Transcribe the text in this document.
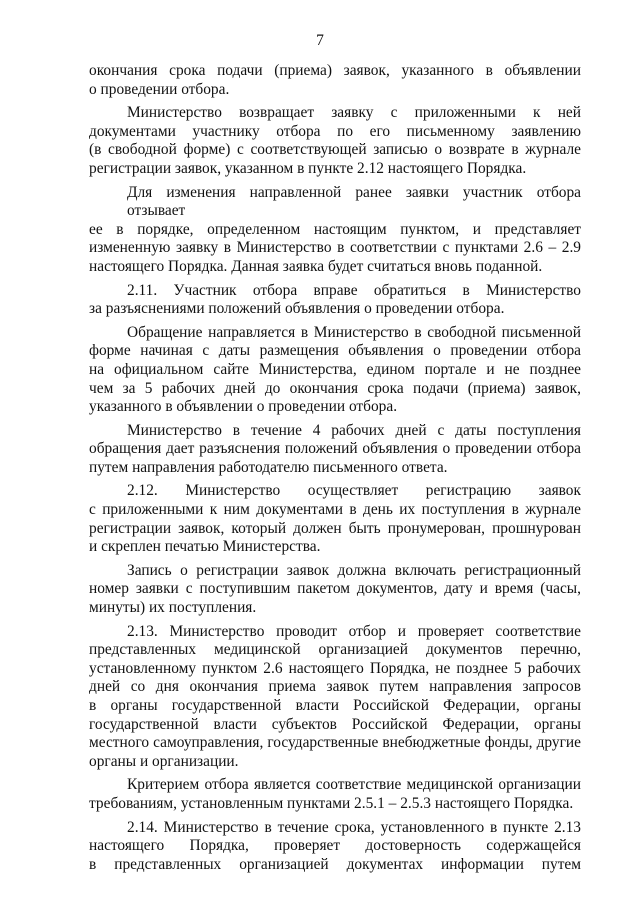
7
окончания срока подачи (приема) заявок, указанного в объявлении
о проведении отбора.
Министерство возвращает заявку с приложенными к ней
документами участнику отбора по его письменному заявлению
(в свободной форме) с соответствующей записью о возврате в журнале
регистрации заявок, указанном в пункте 2.12 настоящего Порядка.
Для изменения направленной ранее заявки участник отбора отзывает
ее в порядке, определенном настоящим пунктом, и представляет
измененную заявку в Министерство в соответствии с пунктами 2.6 – 2.9
настоящего Порядка. Данная заявка будет считаться вновь поданной.
2.11. Участник отбора вправе обратиться в Министерство
за разъяснениями положений объявления о проведении отбора.
Обращение направляется в Министерство в свободной письменной
форме начиная с даты размещения объявления о проведении отбора
на официальном сайте Министерства, едином портале и не позднее
чем за 5 рабочих дней до окончания срока подачи (приема) заявок,
указанного в объявлении о проведении отбора.
Министерство в течение 4 рабочих дней с даты поступления
обращения дает разъяснения положений объявления о проведении отбора
путем направления работодателю письменного ответа.
2.12. Министерство осуществляет регистрацию заявок
с приложенными к ним документами в день их поступления в журнале
регистрации заявок, который должен быть пронумерован, прошнурован
и скреплен печатью Министерства.
Запись о регистрации заявок должна включать регистрационный
номер заявки с поступившим пакетом документов, дату и время (часы,
минуты) их поступления.
2.13. Министерство проводит отбор и проверяет соответствие
представленных медицинской организацией документов перечню,
установленному пунктом 2.6 настоящего Порядка, не позднее 5 рабочих
дней со дня окончания приема заявок путем направления запросов
в органы государственной власти Российской Федерации, органы
государственной власти субъектов Российской Федерации, органы
местного самоуправления, государственные внебюджетные фонды, другие
органы и организации.
Критерием отбора является соответствие медицинской организации
требованиям, установленным пунктами 2.5.1 – 2.5.3 настоящего Порядка.
2.14. Министерство в течение срока, установленного в пункте 2.13
настоящего Порядка, проверяет достоверность содержащейся
в представленных организацией документах информации путем
